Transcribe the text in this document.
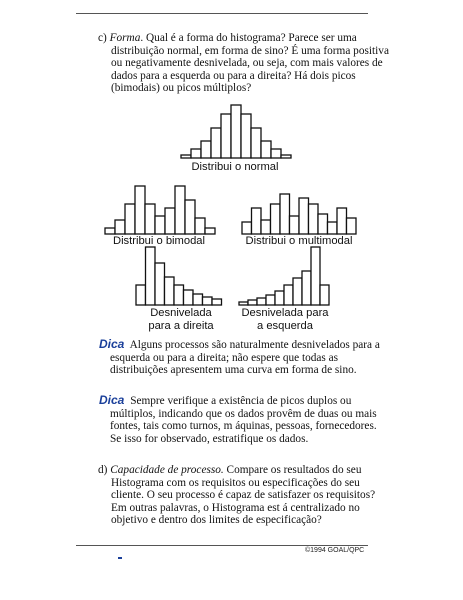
c) Forma. Qual é a forma do histograma? Parece ser uma distribuição normal, em forma de sino? É uma forma positiva ou negativamente desnivelada, ou seja, com mais valores de dados para a esquerda ou para a direita? Há dois picos (bimodais) ou picos múltiplos?
Distribui o normal
Distribui o bimodal	Distribui o multimodal
Desnivelada
para a direita
Desnivelada para
a esquerda
Dica Alguns processos são naturalmente desnivelados para a esquerda ou para a direita; não espere que todas as distribuições apresentem uma curva em forma de sino.
Dica Sempre verifique a existência de picos duplos ou múltiplos, indicando que os dados provêm de duas ou mais fontes, tais como turnos, m áquinas, pessoas, fornecedores. Se isso for observado, estratifique os dados.
d) Capacidade de processo. Compare os resultados do seu Histograma com os requisitos ou especificações do seu cliente. O seu processo é capaz de satisfazer os requisitos? Em outras palavras, o Histograma est á centralizado no objetivo e dentro dos limites de especificação?
©1994 GOAL/QPC
